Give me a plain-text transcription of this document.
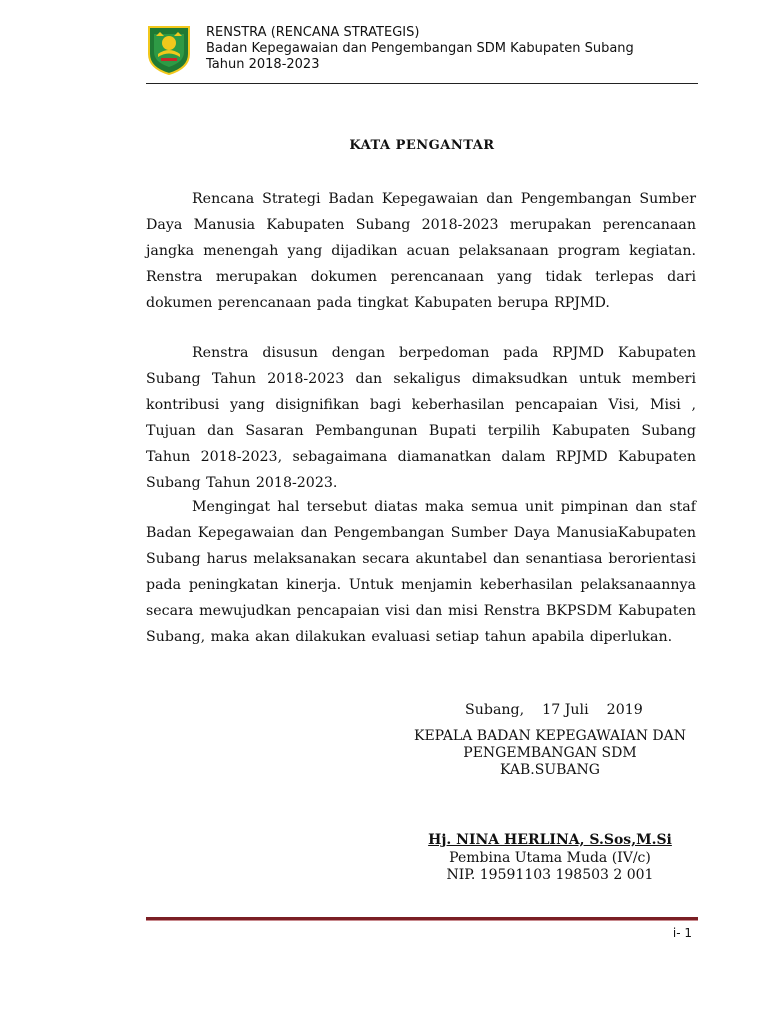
RENSTRA (RENCANA STRATEGIS)
Badan Kepegawaian dan Pengembangan SDM Kabupaten Subang
Tahun 2018-2023
KATA PENGANTAR

Rencana Strategi Badan Kepegawaian dan Pengembangan Sumber Daya Manusia Kabupaten Subang 2018-2023 merupakan perencanaan jangka menengah yang dijadikan acuan pelaksanaan program kegiatan. Renstra merupakan dokumen perencanaan yang tidak terlepas dari dokumen perencanaan pada tingkat Kabupaten berupa RPJMD.

Renstra disusun dengan berpedoman pada RPJMD Kabupaten Subang Tahun 2018-2023 dan sekaligus dimaksudkan untuk memberi kontribusi yang disignifikan bagi keberhasilan pencapaian Visi, Misi , Tujuan dan Sasaran Pembangunan Bupati terpilih Kabupaten Subang Tahun 2018-2023, sebagaimana diamanatkan dalam RPJMD Kabupaten Subang Tahun 2018-2023.

Mengingat hal tersebut diatas maka semua unit pimpinan dan staf Badan Kepegawaian dan Pengembangan Sumber Daya ManusiaKabupaten Subang harus melaksanakan secara akuntabel dan senantiasa berorientasi pada peningkatan kinerja. Untuk menjamin keberhasilan pelaksanaannya secara mewujudkan pencapaian visi dan misi Renstra BKPSDM Kabupaten Subang, maka akan dilakukan evaluasi setiap tahun apabila diperlukan.

Subang,    17 Juli    2019
KEPALA BADAN KEPEGAWAIAN DAN
PENGEMBANGAN SDM
KAB.SUBANG
Hj. NINA HERLINA, S.Sos,M.Si
Pembina Utama Muda (IV/c)
NIP. 19591103 198503 2 001
i- 1
